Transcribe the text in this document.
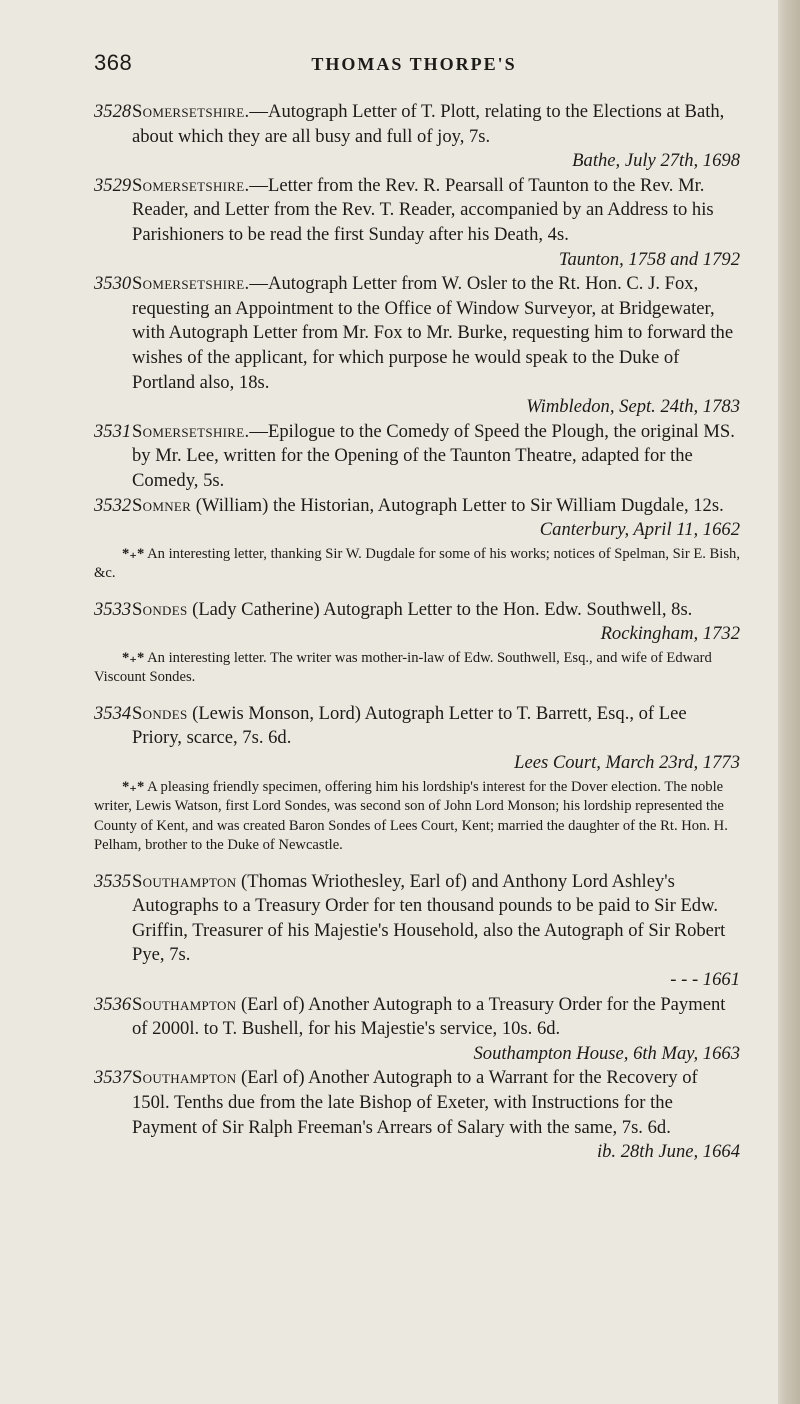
368	THOMAS THORPE'S
3528 Somersetshire.—Autograph Letter of T. Plott, relating to the Elections at Bath, about which they are all busy and full of joy, 7s.
Bathe, July 27th, 1698
3529 Somersetshire.—Letter from the Rev. R. Pearsall of Taunton to the Rev. Mr. Reader, and Letter from the Rev. T. Reader, accompanied by an Address to his Parishioners to be read the first Sunday after his Death, 4s.
Taunton, 1758 and 1792
3530 Somersetshire.—Autograph Letter from W. Osler to the Rt. Hon. C. J. Fox, requesting an Appointment to the Office of Window Surveyor, at Bridgewater, with Autograph Letter from Mr. Fox to Mr. Burke, requesting him to forward the wishes of the applicant, for which purpose he would speak to the Duke of Portland also, 18s.
Wimbledon, Sept. 24th, 1783
3531 Somersetshire.—Epilogue to the Comedy of Speed the Plough, the original MS. by Mr. Lee, written for the Opening of the Taunton Theatre, adapted for the Comedy, 5s.
3532 Somner (William) the Historian, Autograph Letter to Sir William Dugdale, 12s.
Canterbury, April 11, 1662
*₊* An interesting letter, thanking Sir W. Dugdale for some of his works; notices of Spelman, Sir E. Bish, &c.
3533 Sondes (Lady Catherine) Autograph Letter to the Hon. Edw. Southwell, 8s.
Rockingham, 1732
*₊* An interesting letter. The writer was mother-in-law of Edw. Southwell, Esq., and wife of Edward Viscount Sondes.
3534 Sondes (Lewis Monson, Lord) Autograph Letter to T. Barrett, Esq., of Lee Priory, scarce, 7s. 6d.
Lees Court, March 23rd, 1773
*₊* A pleasing friendly specimen, offering him his lordship's interest for the Dover election. The noble writer, Lewis Watson, first Lord Sondes, was second son of John Lord Monson; his lordship represented the County of Kent, and was created Baron Sondes of Lees Court, Kent; married the daughter of the Rt. Hon. H. Pelham, brother to the Duke of Newcastle.
3535 Southampton (Thomas Wriothesley, Earl of) and Anthony Lord Ashley's Autographs to a Treasury Order for ten thousand pounds to be paid to Sir Edw. Griffin, Treasurer of his Majestie's Household, also the Autograph of Sir Robert Pye, 7s.
- - - 1661
3536 Southampton (Earl of) Another Autograph to a Treasury Order for the Payment of 2000l. to T. Bushell, for his Majestie's service, 10s. 6d.
Southampton House, 6th May, 1663
3537 Southampton (Earl of) Another Autograph to a Warrant for the Recovery of 150l. Tenths due from the late Bishop of Exeter, with Instructions for the Payment of Sir Ralph Freeman's Arrears of Salary with the same, 7s. 6d.
ib. 28th June, 1664
